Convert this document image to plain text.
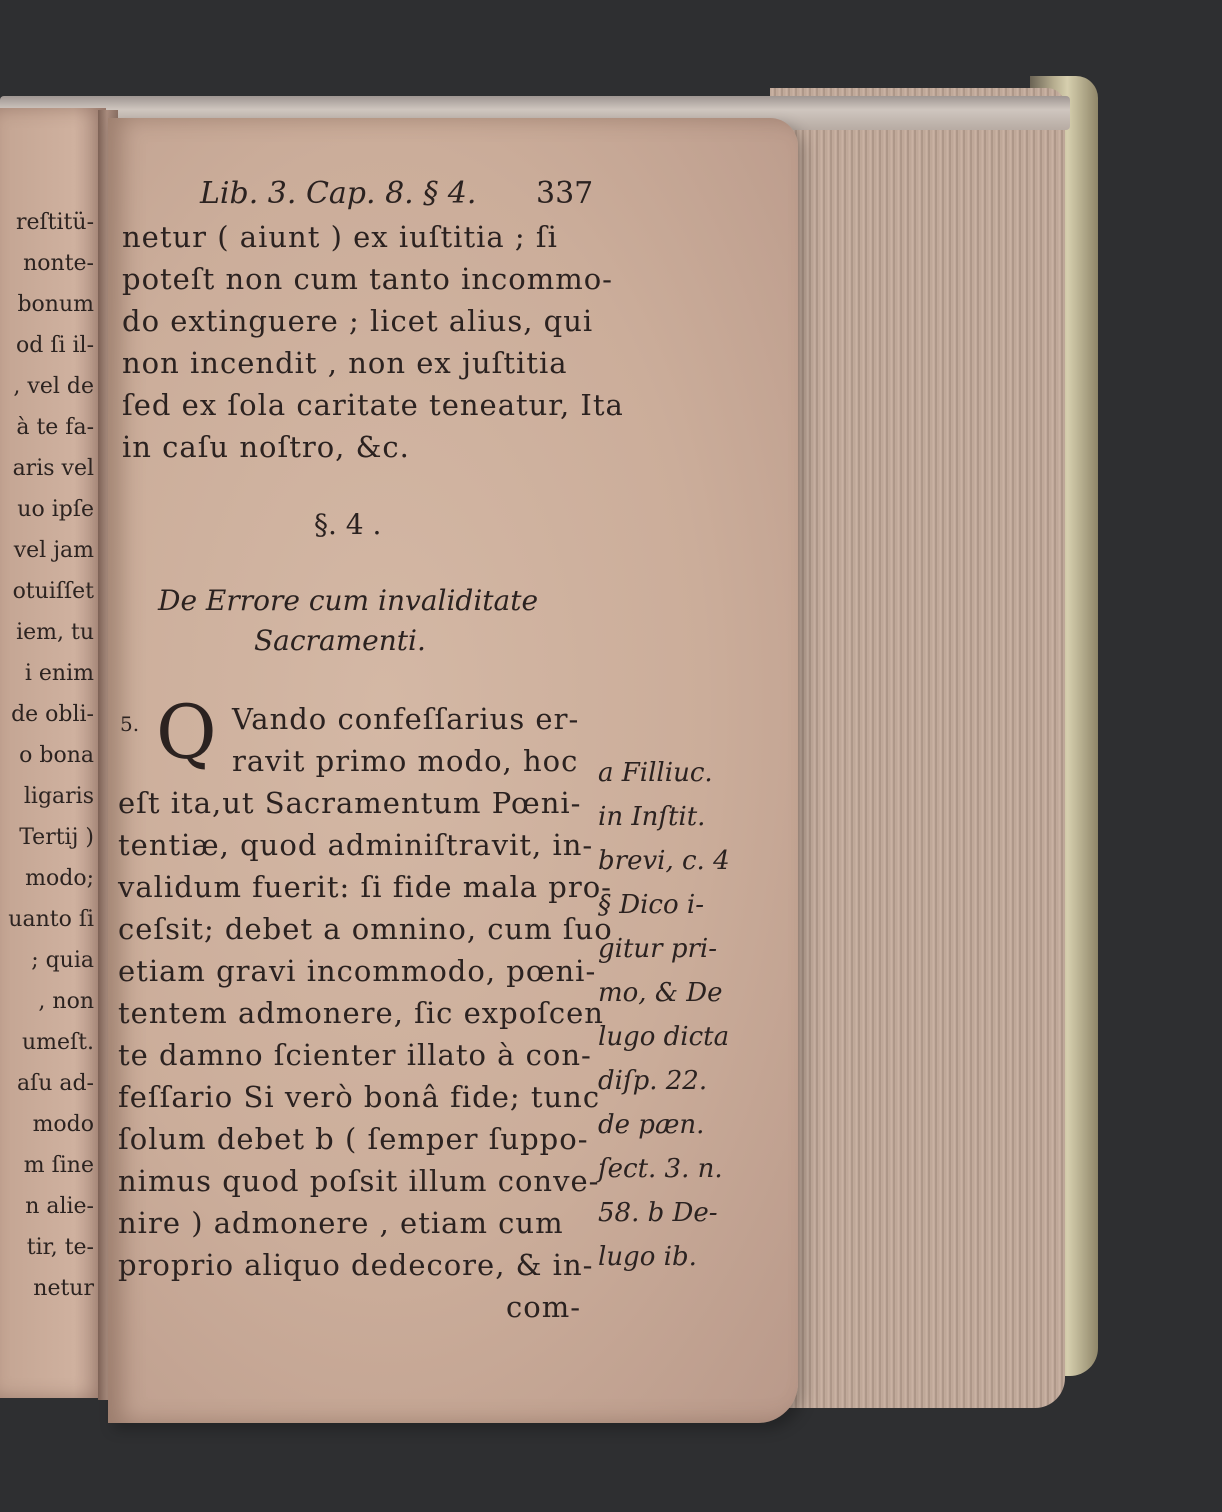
reſtitü-

nonte-

bonum

od ſi il-

, vel de

à te fa-

aris vel

uo ipſe

vel jam

otuiſſet

iem, tu

i enim

de obli-

o bona

ligaris

Tertij )

modo;

uanto ſi

; quia

, non

umeſt.

aſu ad-

modo

m ſine

n alie-

tir, te-

netur

Lib. 3. Cap. 8. § 4. 337

netur ( aiunt ) ex iuſtitia ; ſi

poteſt non cum tanto incommo-

do extinguere ; licet alius, qui

non incendit , non ex juſtitia

ſed ex ſola caritate teneatur, Ita

in caſu noſtro, &c.

§. 4 .

De Errore cum invaliditate

Sacramenti.

5. Q Vando confeſſarius er-

ravit primo modo, hoc

eſt ita,ut Sacramentum Pœni-

tentiæ, quod adminiſtravit, in-

validum fuerit: ſi fide mala pro-

ceſsit; debet a omnino, cum ſuo

etiam gravi incommodo, pœni-

tentem admonere, ſic expoſcen

te damno ſcienter illato à con-

feſſario Si verò bonâ fide; tunc

ſolum debet b ( ſemper ſuppo-

nimus quod poſsit illum conve-

nire ) admonere , etiam cum

proprio aliquo dedecore, & in-

com-

a Filliuc.

in Inſtit.

brevi, c. 4

§ Dico i-

gitur pri-

mo, & De

lugo dicta

diſp. 22.

de pæn.

ſect. 3. n.

58. b De-

lugo ib.
